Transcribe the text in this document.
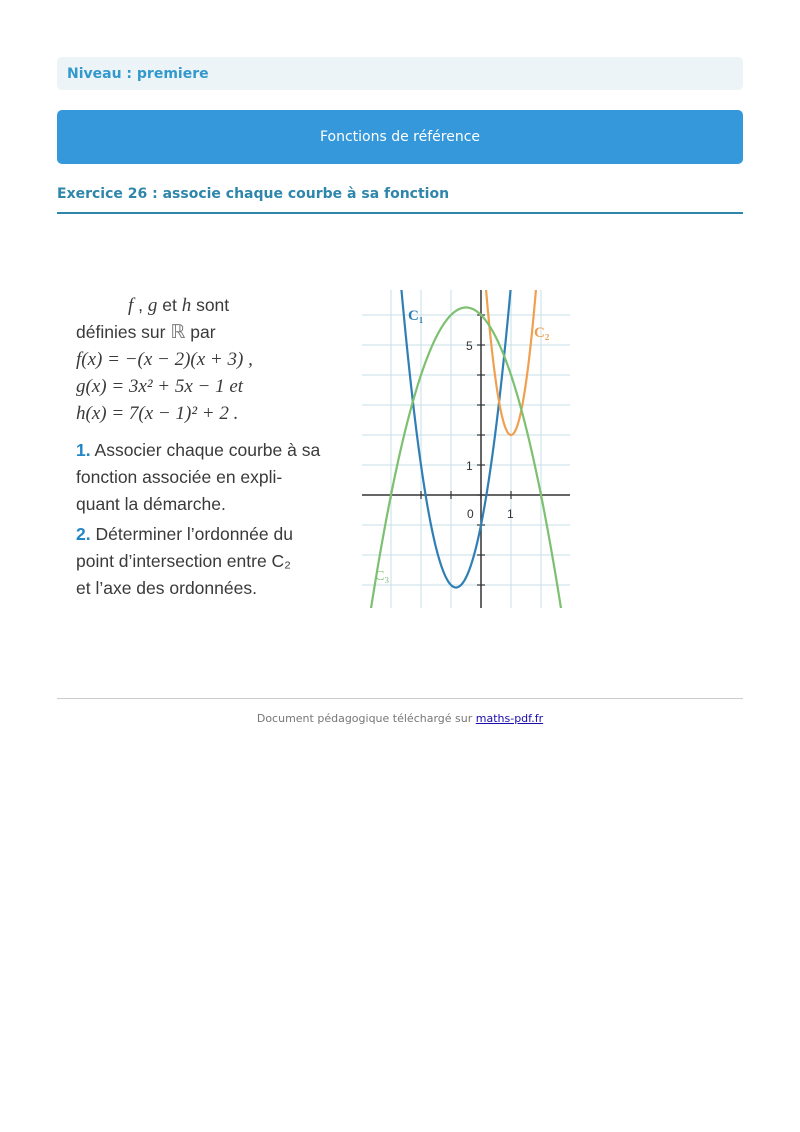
Niveau : premiere
Fonctions de référence
Exercice 26 : associe chaque courbe à sa fonction
f , g et h sont
définies sur ℝ par
f(x) = −(x − 2)(x + 3) ,
g(x) = 3x² + 5x − 1 et
h(x) = 7(x − 1)² + 2 .
1. Associer chaque courbe à sa
fonction associée en expli-
quant la démarche.
2. Déterminer l’ordonnée du
point d’intersection entre C₂
et l’axe des ordonnées.
C₁
C₂
C₃
0	1
1
5
Document pédagogique téléchargé sur maths-pdf.fr
